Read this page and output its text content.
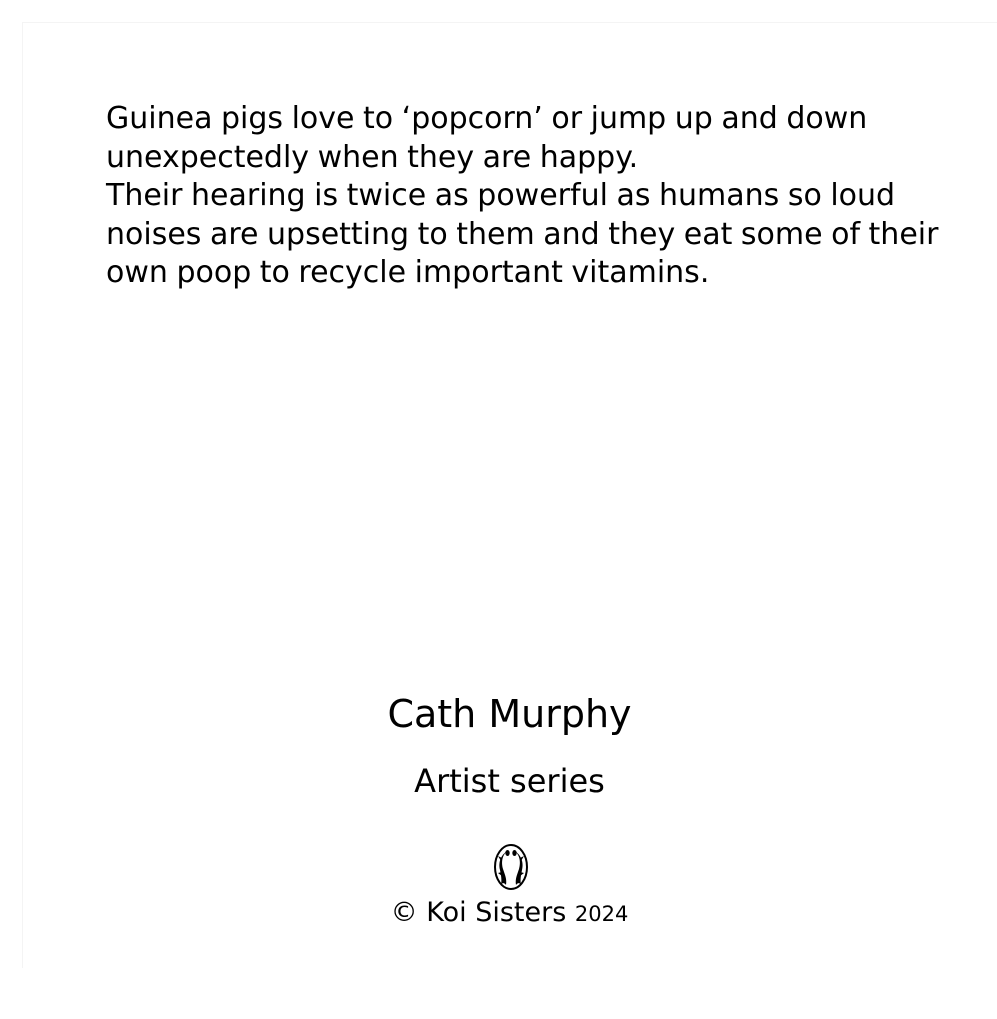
Guinea pigs love to ‘popcorn’ or jump up and down
unexpectedly when they are happy.
Their hearing is twice as powerful as humans so loud
noises are upsetting to them and they eat some of their
own poop to recycle important vitamins.

Cath Murphy
Artist series

© Koi Sisters 2024
